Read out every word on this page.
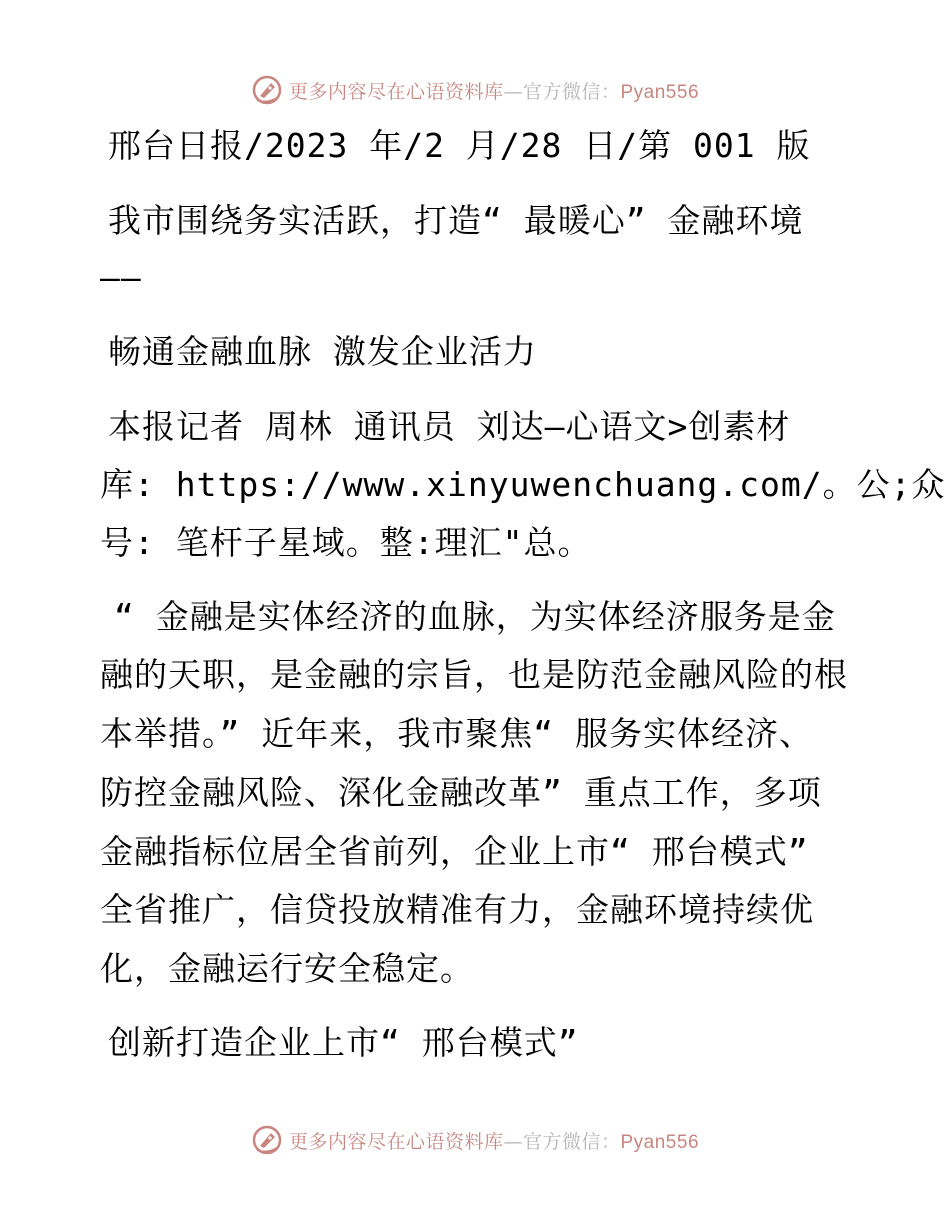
更多内容尽在心语资料库—官方微信：Pyan556
邢台日报/2023 年/2 月/28 日/第 001 版
我市围绕务实活跃，打造“ 最暖心” 金融环境
——
畅通金融血脉 激发企业活力
本报记者 周林 通讯员 刘达—心语文>创素材
库: https://www.xinyuwenchuang.com/。公;众
号: 笔杆子星域。整:理汇"总。
“ 金融是实体经济的血脉，为实体经济服务是金
融的天职，是金融的宗旨，也是防范金融风险的根
本举措。” 近年来，我市聚焦“ 服务实体经济、
防控金融风险、深化金融改革” 重点工作，多项
金融指标位居全省前列，企业上市“ 邢台模式”
全省推广，信贷投放精准有力，金融环境持续优
化，金融运行安全稳定。
创新打造企业上市“ 邢台模式”
更多内容尽在心语资料库—官方微信：Pyan556
